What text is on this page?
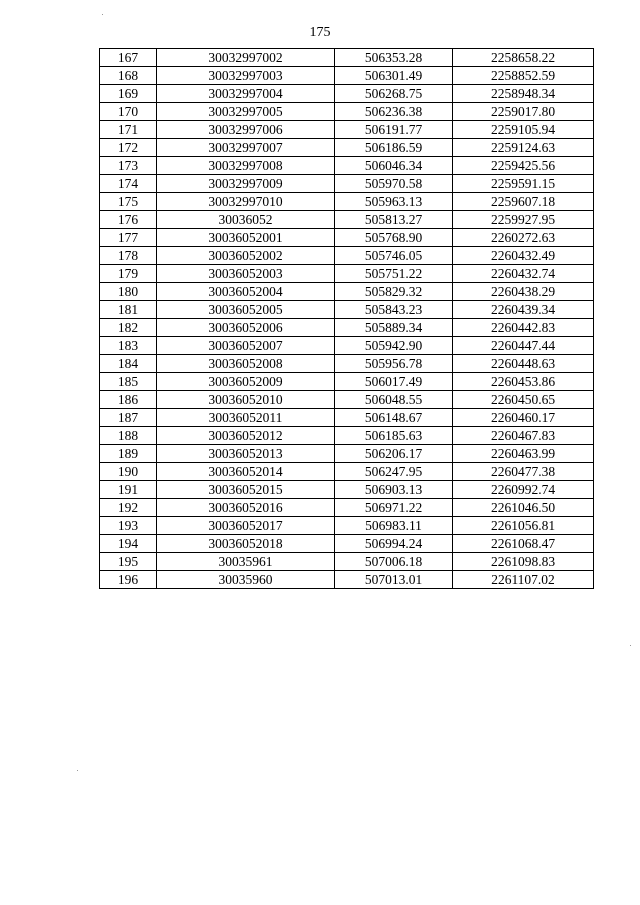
175
167	30032997002	506353.28	2258658.22
168	30032997003	506301.49	2258852.59
169	30032997004	506268.75	2258948.34
170	30032997005	506236.38	2259017.80
171	30032997006	506191.77	2259105.94
172	30032997007	506186.59	2259124.63
173	30032997008	506046.34	2259425.56
174	30032997009	505970.58	2259591.15
175	30032997010	505963.13	2259607.18
176	30036052	505813.27	2259927.95
177	30036052001	505768.90	2260272.63
178	30036052002	505746.05	2260432.49
179	30036052003	505751.22	2260432.74
180	30036052004	505829.32	2260438.29
181	30036052005	505843.23	2260439.34
182	30036052006	505889.34	2260442.83
183	30036052007	505942.90	2260447.44
184	30036052008	505956.78	2260448.63
185	30036052009	506017.49	2260453.86
186	30036052010	506048.55	2260450.65
187	30036052011	506148.67	2260460.17
188	30036052012	506185.63	2260467.83
189	30036052013	506206.17	2260463.99
190	30036052014	506247.95	2260477.38
191	30036052015	506903.13	2260992.74
192	30036052016	506971.22	2261046.50
193	30036052017	506983.11	2261056.81
194	30036052018	506994.24	2261068.47
195	30035961	507006.18	2261098.83
196	30035960	507013.01	2261107.02
